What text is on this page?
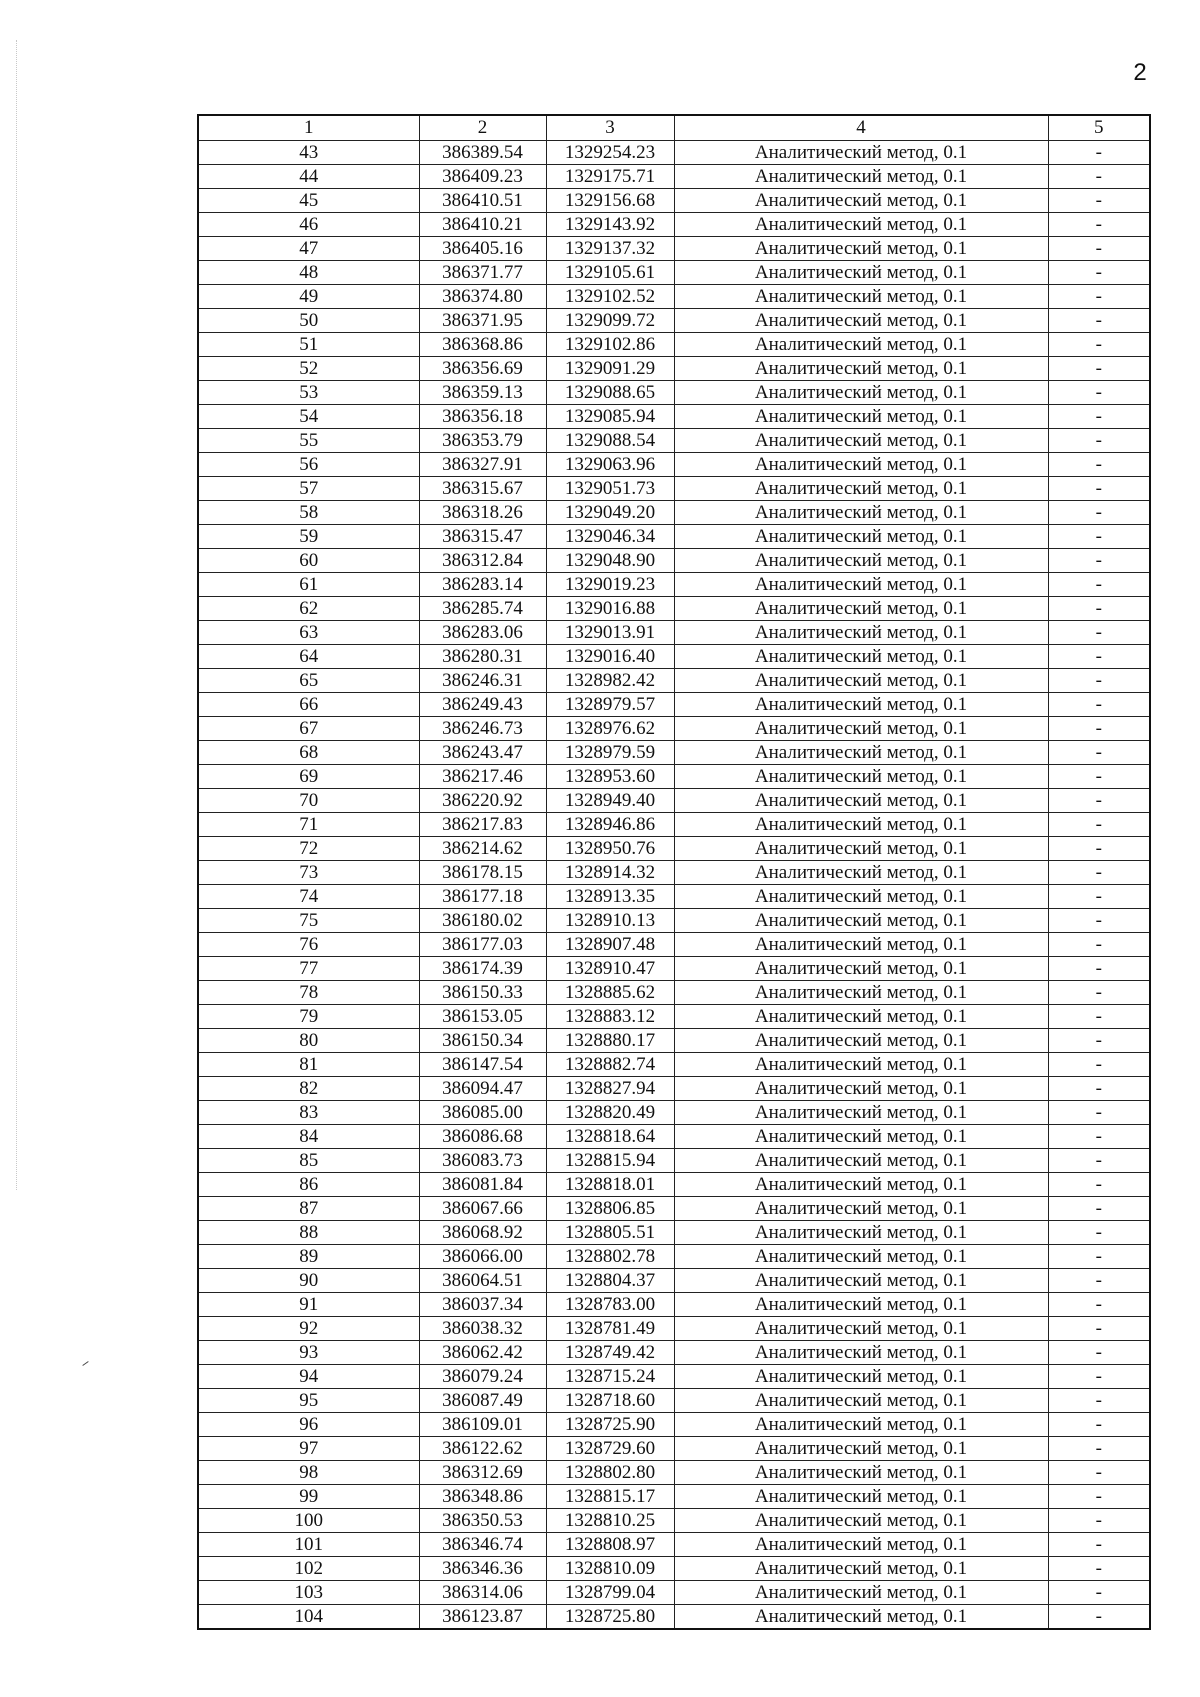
2
1	2	3	4	5
43	386389.54	1329254.23	Аналитический метод, 0.1	-
44	386409.23	1329175.71	Аналитический метод, 0.1	-
45	386410.51	1329156.68	Аналитический метод, 0.1	-
46	386410.21	1329143.92	Аналитический метод, 0.1	-
47	386405.16	1329137.32	Аналитический метод, 0.1	-
48	386371.77	1329105.61	Аналитический метод, 0.1	-
49	386374.80	1329102.52	Аналитический метод, 0.1	-
50	386371.95	1329099.72	Аналитический метод, 0.1	-
51	386368.86	1329102.86	Аналитический метод, 0.1	-
52	386356.69	1329091.29	Аналитический метод, 0.1	-
53	386359.13	1329088.65	Аналитический метод, 0.1	-
54	386356.18	1329085.94	Аналитический метод, 0.1	-
55	386353.79	1329088.54	Аналитический метод, 0.1	-
56	386327.91	1329063.96	Аналитический метод, 0.1	-
57	386315.67	1329051.73	Аналитический метод, 0.1	-
58	386318.26	1329049.20	Аналитический метод, 0.1	-
59	386315.47	1329046.34	Аналитический метод, 0.1	-
60	386312.84	1329048.90	Аналитический метод, 0.1	-
61	386283.14	1329019.23	Аналитический метод, 0.1	-
62	386285.74	1329016.88	Аналитический метод, 0.1	-
63	386283.06	1329013.91	Аналитический метод, 0.1	-
64	386280.31	1329016.40	Аналитический метод, 0.1	-
65	386246.31	1328982.42	Аналитический метод, 0.1	-
66	386249.43	1328979.57	Аналитический метод, 0.1	-
67	386246.73	1328976.62	Аналитический метод, 0.1	-
68	386243.47	1328979.59	Аналитический метод, 0.1	-
69	386217.46	1328953.60	Аналитический метод, 0.1	-
70	386220.92	1328949.40	Аналитический метод, 0.1	-
71	386217.83	1328946.86	Аналитический метод, 0.1	-
72	386214.62	1328950.76	Аналитический метод, 0.1	-
73	386178.15	1328914.32	Аналитический метод, 0.1	-
74	386177.18	1328913.35	Аналитический метод, 0.1	-
75	386180.02	1328910.13	Аналитический метод, 0.1	-
76	386177.03	1328907.48	Аналитический метод, 0.1	-
77	386174.39	1328910.47	Аналитический метод, 0.1	-
78	386150.33	1328885.62	Аналитический метод, 0.1	-
79	386153.05	1328883.12	Аналитический метод, 0.1	-
80	386150.34	1328880.17	Аналитический метод, 0.1	-
81	386147.54	1328882.74	Аналитический метод, 0.1	-
82	386094.47	1328827.94	Аналитический метод, 0.1	-
83	386085.00	1328820.49	Аналитический метод, 0.1	-
84	386086.68	1328818.64	Аналитический метод, 0.1	-
85	386083.73	1328815.94	Аналитический метод, 0.1	-
86	386081.84	1328818.01	Аналитический метод, 0.1	-
87	386067.66	1328806.85	Аналитический метод, 0.1	-
88	386068.92	1328805.51	Аналитический метод, 0.1	-
89	386066.00	1328802.78	Аналитический метод, 0.1	-
90	386064.51	1328804.37	Аналитический метод, 0.1	-
91	386037.34	1328783.00	Аналитический метод, 0.1	-
92	386038.32	1328781.49	Аналитический метод, 0.1	-
93	386062.42	1328749.42	Аналитический метод, 0.1	-
94	386079.24	1328715.24	Аналитический метод, 0.1	-
95	386087.49	1328718.60	Аналитический метод, 0.1	-
96	386109.01	1328725.90	Аналитический метод, 0.1	-
97	386122.62	1328729.60	Аналитический метод, 0.1	-
98	386312.69	1328802.80	Аналитический метод, 0.1	-
99	386348.86	1328815.17	Аналитический метод, 0.1	-
100	386350.53	1328810.25	Аналитический метод, 0.1	-
101	386346.74	1328808.97	Аналитический метод, 0.1	-
102	386346.36	1328810.09	Аналитический метод, 0.1	-
103	386314.06	1328799.04	Аналитический метод, 0.1	-
104	386123.87	1328725.80	Аналитический метод, 0.1	-
